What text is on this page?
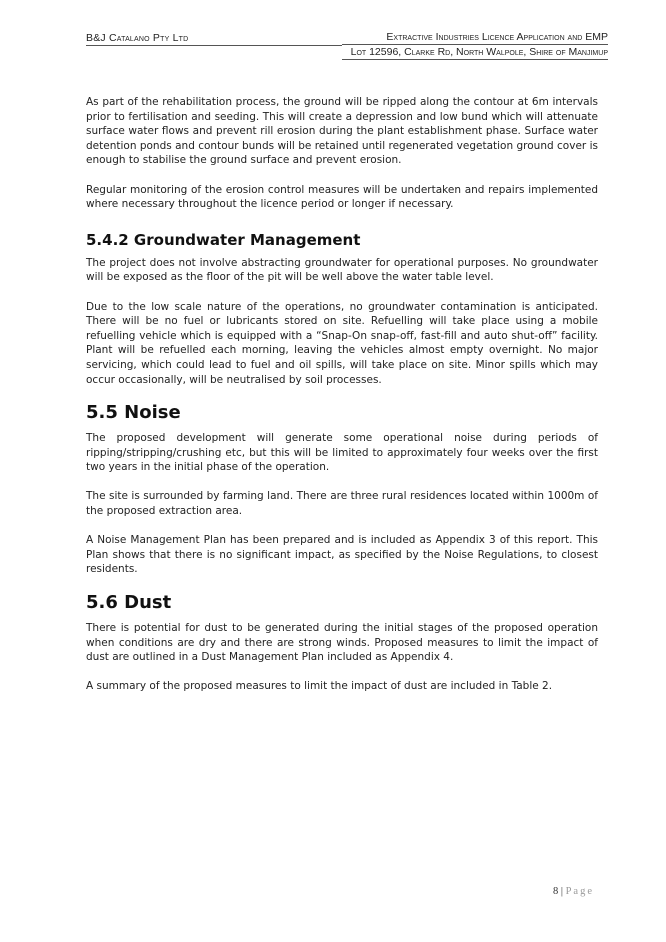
B&J Catalano Pty Ltd	Extractive Industries Licence Application and EMP
Lot 12596, Clarke Rd, North Walpole, Shire of Manjimup

As part of the rehabilitation process, the ground will be ripped along the contour at 6m intervals prior to fertilisation and seeding. This will create a depression and low bund which will attenuate surface water flows and prevent rill erosion during the plant establishment phase. Surface water detention ponds and contour bunds will be retained until regenerated vegetation ground cover is enough to stabilise the ground surface and prevent erosion.

Regular monitoring of the erosion control measures will be undertaken and repairs implemented where necessary throughout the licence period or longer if necessary.

5.4.2 Groundwater Management

The project does not involve abstracting groundwater for operational purposes. No groundwater will be exposed as the floor of the pit will be well above the water table level.

Due to the low scale nature of the operations, no groundwater contamination is anticipated. There will be no fuel or lubricants stored on site. Refuelling will take place using a mobile refuelling vehicle which is equipped with a “Snap-On snap-off, fast-fill and auto shut-off” facility. Plant will be refuelled each morning, leaving the vehicles almost empty overnight. No major servicing, which could lead to fuel and oil spills, will take place on site. Minor spills which may occur occasionally, will be neutralised by soil processes.

5.5 Noise

The proposed development will generate some operational noise during periods of ripping/stripping/crushing etc, but this will be limited to approximately four weeks over the first two years in the initial phase of the operation.

The site is surrounded by farming land. There are three rural residences located within 1000m of the proposed extraction area.

A Noise Management Plan has been prepared and is included as Appendix 3 of this report. This Plan shows that there is no significant impact, as specified by the Noise Regulations, to closest residents.

5.6 Dust

There is potential for dust to be generated during the initial stages of the proposed operation when conditions are dry and there are strong winds. Proposed measures to limit the impact of dust are outlined in a Dust Management Plan included as Appendix 4.

A summary of the proposed measures to limit the impact of dust are included in Table 2.

8 | Page
